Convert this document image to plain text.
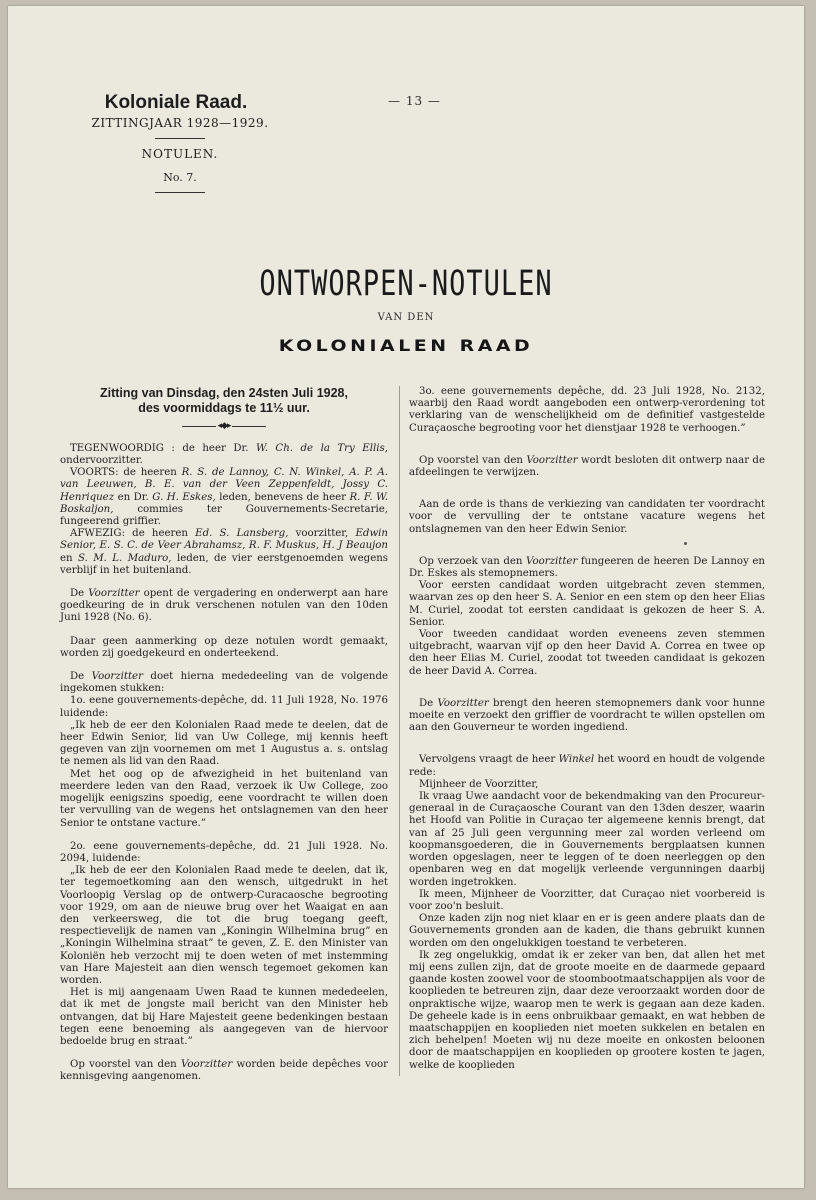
— 13 —
Koloniale Raad.
ZITTINGJAAR 1928—1929.
NOTULEN.
No. 7.
ONTWORPEN-NOTULEN
VAN DEN
KOLONIALEN RAAD
Zitting van Dinsdag, den 24sten Juli 1928,
des voormiddags te 11½ uur.
◂◆▸

TEGENWOORDIG : de heer Dr. W. Ch. de la Try Ellis, ondervoorzitter.

VOORTS: de heeren R. S. de Lannoy, C. N. Winkel, A. P. A. van Leeuwen, B. E. van der Veen Zeppenfeldt, Jossy C. Henriquez en Dr. G. H. Eskes, leden, benevens de heer R. F. W. Boskaljon, commies ter Gouvernements-Secretarie, fungeerend griffier.

AFWEZIG: de heeren Ed. S. Lansberg, voorzitter, Edwin Senior, E. S. C. de Veer Abrahamsz, R. F. Muskus, H. J Beaujon en S. M. L. Maduro, leden, de vier eerstgenoemden wegens verblijf in het buitenland.

De Voorzitter opent de vergadering en onderwerpt aan hare goedkeuring de in druk verschenen notulen van den 10den Juni 1928 (No. 6).

Daar geen aanmerking op deze notulen wordt gemaakt, worden zij goedgekeurd en onderteekend.

De Voorzitter doet hierna mededeeling van de volgende ingekomen stukken:

1o. eene gouvernements-depêche, dd. 11 Juli 1928, No. 1976 luidende:

„Ik heb de eer den Kolonialen Raad mede te deelen, dat de heer Edwin Senior, lid van Uw College, mij kennis heeft gegeven van zijn voornemen om met 1 Augustus a. s. ontslag te nemen als lid van den Raad.

Met het oog op de afwezigheid in het buitenland van meerdere leden van den Raad, verzoek ik Uw College, zoo mogelijk eenigszins spoedig, eene voordracht te willen doen ter vervulling van de wegens het ontslagnemen van den heer Senior te ontstane vacture.”

2o. eene gouvernements-depêche, dd. 21 Juli 1928. No. 2094, luidende:

„Ik heb de eer den Kolonialen Raad mede te deelen, dat ik, ter tegemoetkoming aan den wensch, uitgedrukt in het Voorloopig Verslag op de ontwerp-Curacaosche begrooting voor 1929, om aan de nieuwe brug over het Waaigat en aan den verkeersweg, die tot die brug toegang geeft, respectievelijk de namen van „Koningin Wilhelmina brug” en „Koningin Wilhelmina straat” te geven, Z. E. den Minister van Koloniën heb verzocht mij te doen weten of met instemming van Hare Majesteit aan dien wensch tegemoet gekomen kan worden.

Het is mij aangenaam Uwen Raad te kunnen mededeelen, dat ik met de jongste mail bericht van den Minister heb ontvangen, dat bij Hare Majesteit geene bedenkingen bestaan tegen eene benoeming als aangegeven van de hiervoor bedoelde brug en straat.”

Op voorstel van den Voorzitter worden beide depêches voor kennisgeving aangenomen.

3o. eene gouvernements depêche, dd. 23 Juli 1928, No. 2132, waarbij den Raad wordt aangeboden een ontwerp-verordening tot verklaring van de wenschelijkheid om de definitief vastgestelde Curaçaosche begrooting voor het dienstjaar 1928 te verhoogen.”

Op voorstel van den Voorzitter wordt besloten dit ontwerp naar de afdeelingen te verwijzen.

Aan de orde is thans de verkiezing van candidaten ter voordracht voor de vervulling der te ontstane vacature wegens het ontslagnemen van den heer Edwin Senior.

Op verzoek van den Voorzitter fungeeren de heeren De Lannoy en Dr. Eskes als stemopnemers.

Voor eersten candidaat worden uitgebracht zeven stemmen, waarvan zes op den heer S. A. Senior en een stem op den heer Elias M. Curiel, zoodat tot eersten candidaat is gekozen de heer S. A. Senior.

Voor tweeden candidaat worden eveneens zeven stemmen uitgebracht, waarvan vijf op den heer David A. Correa en twee op den heer Elias M. Curiel, zoodat tot tweeden candidaat is gekozen de heer David A. Correa.

De Voorzitter brengt den heeren stemopnemers dank voor hunne moeite en verzoekt den griffier de voordracht te willen opstellen om aan den Gouverneur te worden ingediend.

Vervolgens vraagt de heer Winkel het woord en houdt de volgende rede:

Mijnheer de Voorzitter,

Ik vraag Uwe aandacht voor de bekendmaking van den Procureur-generaal in de Curaçaosche Courant van den 13den deszer, waarin het Hoofd van Politie in Curaçao ter algemeene kennis brengt, dat van af 25 Juli geen vergunning meer zal worden verleend om koopmansgoederen, die in Gouvernements bergplaatsen kunnen worden opgeslagen, neer te leggen of te doen neerleggen op den openbaren weg en dat mogelijk verleende vergunningen daarbij worden ingetrokken.

Ik meen, Mijnheer de Voorzitter, dat Curaçao niet voorbereid is voor zoo'n besluit.

Onze kaden zijn nog niet klaar en er is geen andere plaats dan de Gouvernements gronden aan de kaden, die thans gebruikt kunnen worden om den ongelukkigen toestand te verbeteren.

Ik zeg ongelukkig, omdat ik er zeker van ben, dat allen het met mij eens zullen zijn, dat de groote moeite en de daarmede gepaard gaande kosten zoowel voor de stoombootmaatschappijen als voor de kooplieden te betreuren zijn, daar deze veroorzaakt worden door de onpraktische wijze, waarop men te werk is gegaan aan deze kaden. De geheele kade is in eens onbruikbaar gemaakt, en wat hebben de maatschappijen en kooplieden niet moeten sukkelen en betalen en zich behelpen! Moeten wij nu deze moeite en onkosten beloonen door de maatschappijen en kooplieden op grootere kosten te jagen, welke de kooplieden
